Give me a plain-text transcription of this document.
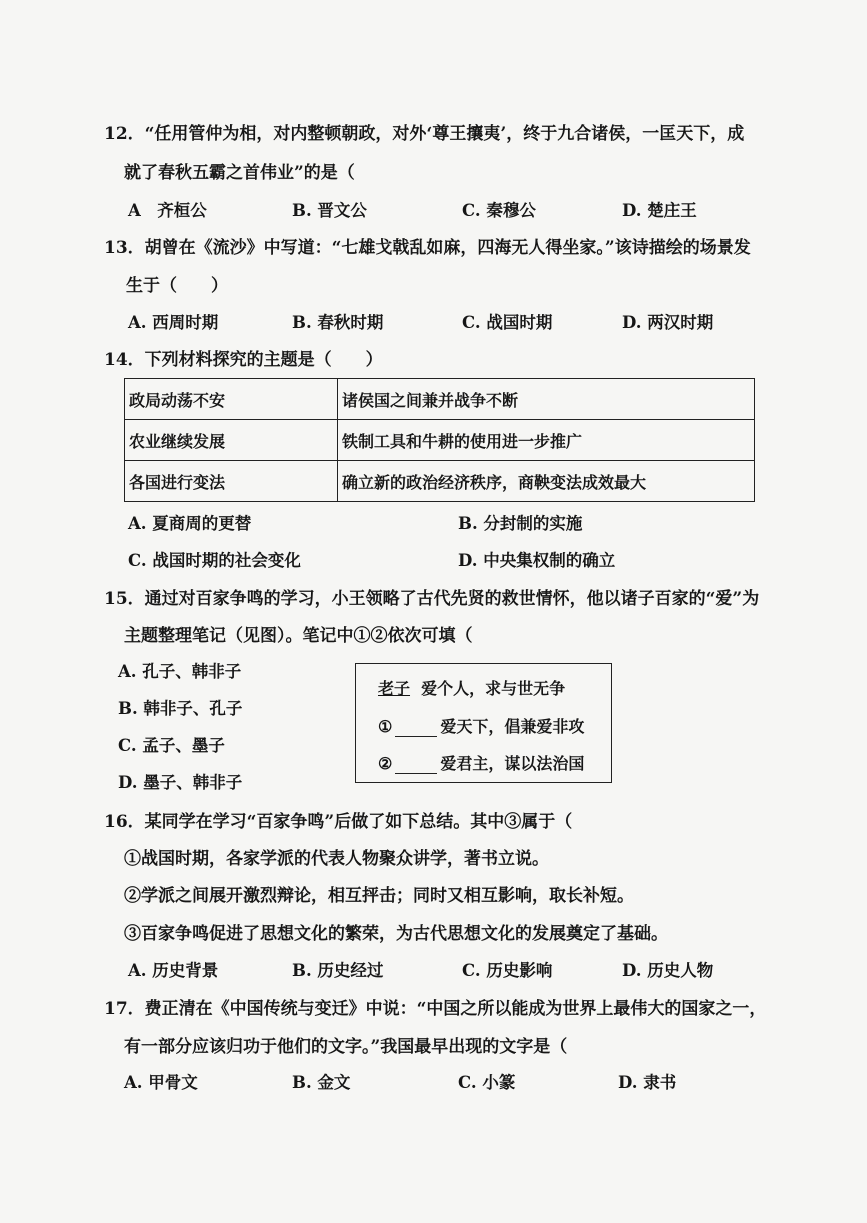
12．“任用管仲为相，对内整顿朝政，对外‘尊王攘夷’，终于九合诸侯，一匡天下，成
就了春秋五霸之首伟业”的是（
A　齐桓公	B. 晋文公	C. 秦穆公	D. 楚庄王
13．胡曾在《流沙》中写道：“七雄戈戟乱如麻，四海无人得坐家。”该诗描绘的场景发
生于（　　）
A. 西周时期	B. 春秋时期	C. 战国时期	D. 两汉时期
14．下列材料探究的主题是（　　）
政局动荡不安	诸侯国之间兼并战争不断
农业继续发展	铁制工具和牛耕的使用进一步推广
各国进行变法	确立新的政治经济秩序，商鞅变法成效最大
A. 夏商周的更替	B. 分封制的实施
C. 战国时期的社会变化	D. 中央集权制的确立
15．通过对百家争鸣的学习，小王领略了古代先贤的救世情怀，他以诸子百家的“爱”为
主题整理笔记（见图）。笔记中①②依次可填（
A. 孔子、韩非子
B. 韩非子、孔子
C. 孟子、墨子
D. 墨子、韩非子
老子 爱个人，求与世无争
①	爱天下，倡兼爱非攻
②	爱君主，谋以法治国
16．某同学在学习“百家争鸣”后做了如下总结。其中③属于（
①战国时期，各家学派的代表人物聚众讲学，著书立说。
②学派之间展开激烈辩论，相互抨击；同时又相互影响，取长补短。
③百家争鸣促进了思想文化的繁荣，为古代思想文化的发展奠定了基础。
A. 历史背景	B. 历史经过	C. 历史影响	D. 历史人物
17．费正清在《中国传统与变迁》中说：“中国之所以能成为世界上最伟大的国家之一，
有一部分应该归功于他们的文字。”我国最早出现的文字是（
A. 甲骨文	B. 金文	C. 小篆	D. 隶书
